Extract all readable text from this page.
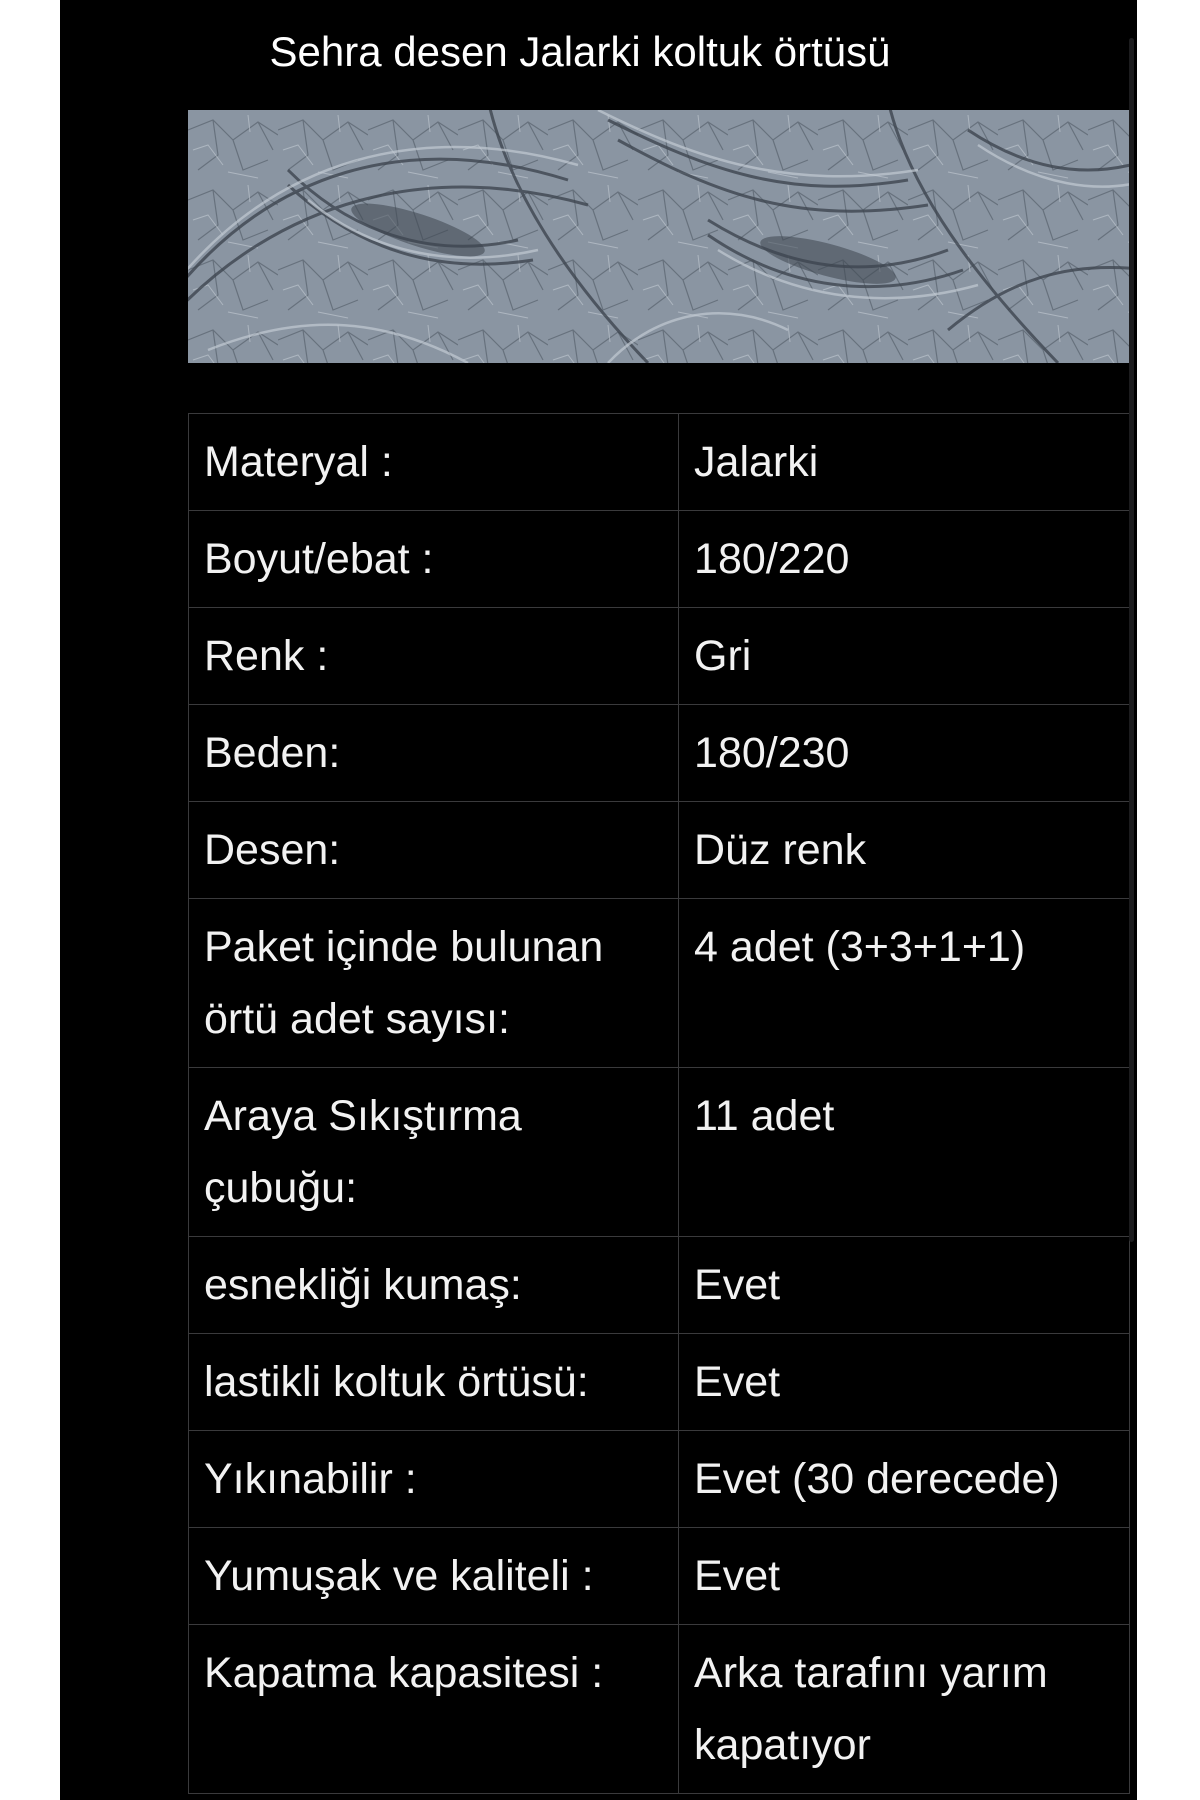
Sehra desen Jalarki koltuk örtüsü
Materyal :	Jalarki
Boyut/ebat :	180/220
Renk :	Gri
Beden:	180/230
Desen:	Düz renk
Paket içinde bulunan örtü adet sayısı:	4 adet (3+3+1+1)
Araya Sıkıştırma çubuğu:	11 adet
esnekliği kumaş:	Evet
lastikli koltuk örtüsü:	Evet
Yıkınabilir :	Evet (30 derecede)
Yumuşak ve kaliteli :	Evet
Kapatma kapasitesi :	Arka tarafını yarım kapatıyor
